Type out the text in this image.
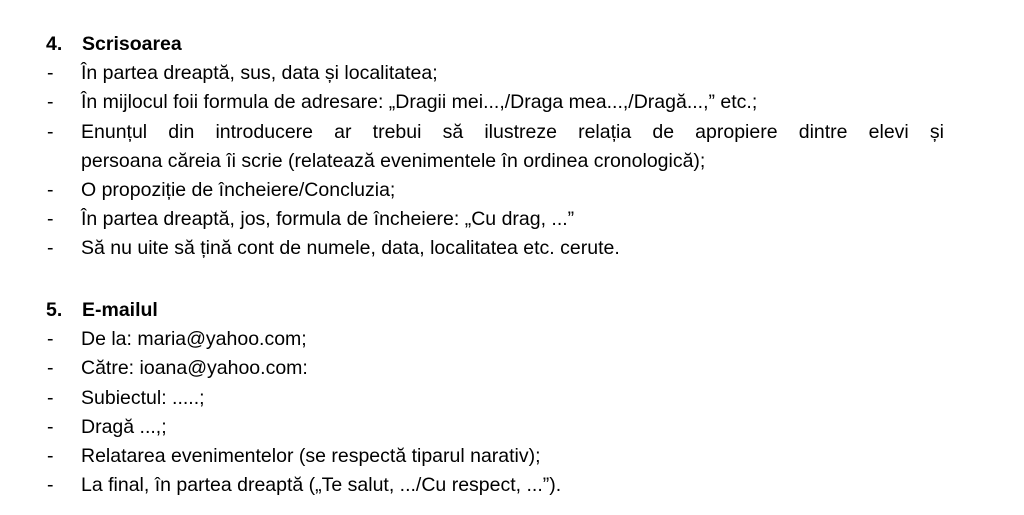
4. Scrisoarea
- În partea dreaptă, sus, data și localitatea;
- În mijlocul foii formula de adresare: „Dragii mei...,/Draga mea...,/Dragă...,” etc.;
- Enunțul din introducere ar trebui să ilustreze relația de apropiere dintre elevi și
persoana căreia îi scrie (relatează evenimentele în ordinea cronologică);
- O propoziție de încheiere/Concluzia;
- În partea dreaptă, jos, formula de încheiere: „Cu drag, ...”
- Să nu uite să țină cont de numele, data, localitatea etc. cerute.
5. E-mailul
- De la: maria@yahoo.com;
- Către: ioana@yahoo.com:
- Subiectul: .....;
- Dragă ...,;
- Relatarea evenimentelor (se respectă tiparul narativ);
- La final, în partea dreaptă („Te salut, .../Cu respect, ...”).
